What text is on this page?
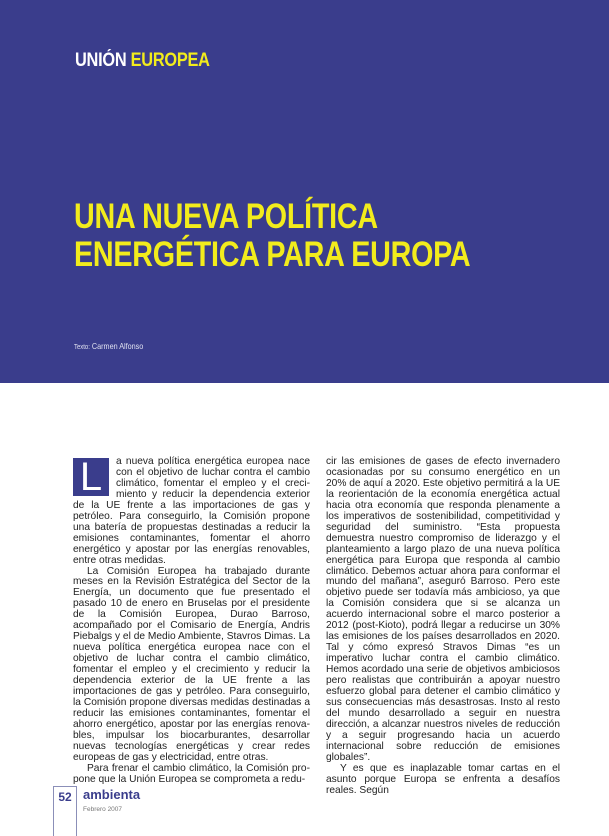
UNIÓN EUROPEA
UNA NUEVA POLÍTICA
ENERGÉTICA PARA EUROPA
Texto: Carmen Alfonso

L	a nueva política energética europea nace con el objetivo de luchar contra el cambio climático, fomentar el empleo y el crecimiento y reducir la dependencia exterior de la UE frente a las importaciones de gas y petróleo. Para conseguirlo, la Comisión propone una batería de propuestas destinadas a reducir la emisiones contaminantes, fomentar el ahorro energético y apostar por las energías renovables, entre otras medidas.

La Comisión Europea ha trabajado durante meses en la Revisión Estratégica del Sector de la Energía, un documento que fue presentado el pasado 10 de enero en Bruselas por el presidente de la Comisión Europea, Durao Barroso, acompañado por el Comisario de Energía, Andris Piebalgs y el de Medio Ambiente, Stavros Dimas. La nueva política energética europea nace con el objetivo de luchar contra el cambio climático, fomentar el empleo y el crecimiento y reducir la dependencia exterior de la UE frente a las importaciones de gas y petróleo. Para conseguirlo, la Comisión propone diversas medidas destinadas a reducir las emisiones contaminantes, fomentar el ahorro energético, apostar por las energías renovables, impulsar los biocarburantes, desarrollar nuevas tecnologías energéticas y crear redes europeas de gas y electricidad, entre otras.

Para frenar el cambio climático, la Comisión propone que la Unión Europea se comprometa a redu-

cir las emisiones de gases de efecto invernadero ocasionadas por su consumo energético en un 20% de aquí a 2020. Este objetivo permitirá a la UE la reorientación de la economía energética actual hacia otra economía que responda plenamente a los imperativos de sostenibilidad, competitividad y seguridad del suministro. “Esta propuesta demuestra nuestro compromiso de liderazgo y el planteamiento a largo plazo de una nueva política energética para Europa que responda al cambio climático. Debemos actuar ahora para conformar el mundo del mañana”, aseguró Barroso. Pero este objetivo puede ser todavía más ambicioso, ya que la Comisión considera que si se alcanza un acuerdo internacional sobre el marco posterior a 2012 (post-Kioto), podrá llegar a reducirse un 30% las emisiones de los países desarrollados en 2020. Tal y cómo expresó Stravos Dimas “es un imperativo luchar contra el cambio climático. Hemos acordado una serie de objetivos ambiciosos pero realistas que contribuirán a apoyar nuestro esfuerzo global para detener el cambio climático y sus consecuencias más desastrosas. Insto al resto del mundo desarrollado a seguir en nuestra dirección, a alcanzar nuestros niveles de reducción y a seguir progresando hacia un acuerdo internacional sobre reducción de emisiones globales”.

Y es que es inaplazable tomar cartas en el asunto porque Europa se enfrenta a desafíos reales. Según

52 ambienta
Febrero 2007
